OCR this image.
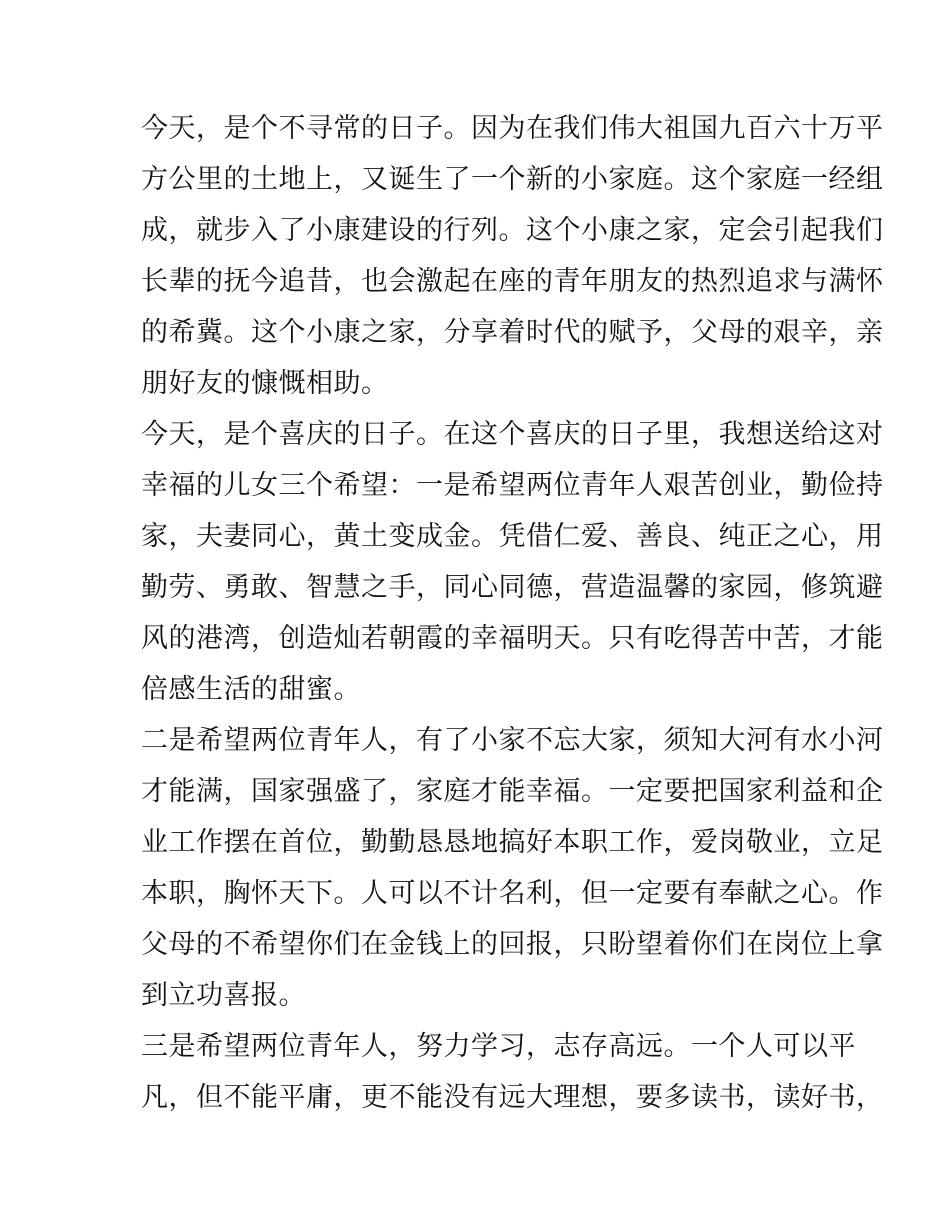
今天，是个不寻常的日子。因为在我们伟大祖国九百六十万平
方公里的土地上，又诞生了一个新的小家庭。这个家庭一经组
成，就步入了小康建设的行列。这个小康之家，定会引起我们
长辈的抚今追昔，也会激起在座的青年朋友的热烈追求与满怀
的希冀。这个小康之家，分享着时代的赋予，父母的艰辛，亲
朋好友的慷慨相助。

今天，是个喜庆的日子。在这个喜庆的日子里，我想送给这对
幸福的儿女三个希望：一是希望两位青年人艰苦创业，勤俭持
家，夫妻同心，黄土变成金。凭借仁爱、善良、纯正之心，用
勤劳、勇敢、智慧之手，同心同德，营造温馨的家园，修筑避
风的港湾，创造灿若朝霞的幸福明天。只有吃得苦中苦，才能
倍感生活的甜蜜。

二是希望两位青年人，有了小家不忘大家，须知大河有水小河
才能满，国家强盛了，家庭才能幸福。一定要把国家利益和企
业工作摆在首位，勤勤恳恳地搞好本职工作，爱岗敬业，立足
本职，胸怀天下。人可以不计名利，但一定要有奉献之心。作
父母的不希望你们在金钱上的回报，只盼望着你们在岗位上拿
到立功喜报。

三是希望两位青年人，努力学习，志存高远。一个人可以平
凡，但不能平庸，更不能没有远大理想，要多读书，读好书，
